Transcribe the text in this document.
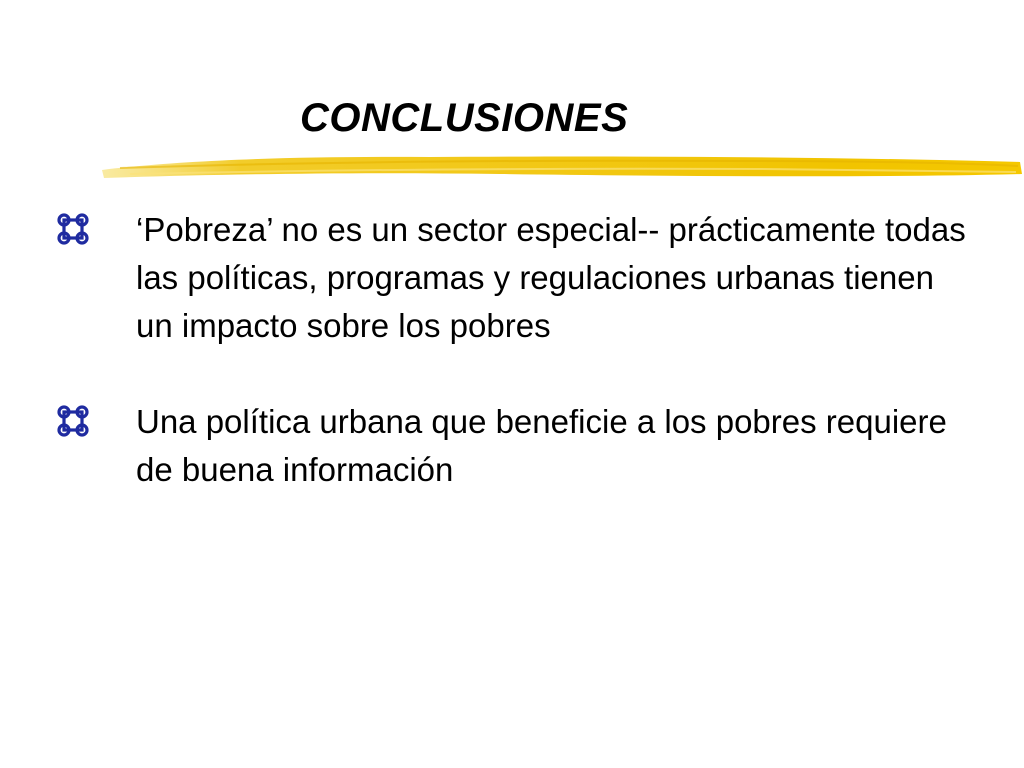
CONCLUSIONES
‘Pobreza’ no es un sector especial-- prácticamente todas las políticas, programas y regulaciones urbanas tienen un impacto sobre los pobres
Una política urbana que beneficie a los pobres requiere de buena información
